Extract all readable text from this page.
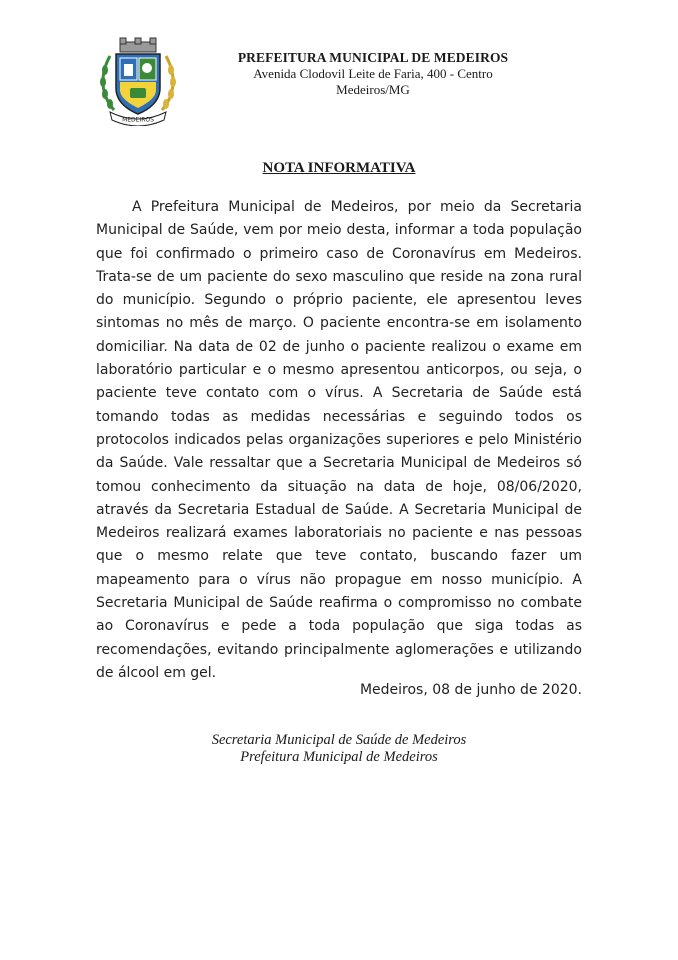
MEDEIROS
PREFEITURA MUNICIPAL DE MEDEIROS
Avenida Clodovil Leite de Faria, 400 - Centro
Medeiros/MG
NOTA INFORMATIVA

A Prefeitura Municipal de Medeiros, por meio da Secretaria Municipal de Saúde, vem por meio desta, informar a toda população que foi confirmado o primeiro caso de Coronavírus em Medeiros. Trata-se de um paciente do sexo masculino que reside na zona rural do município. Segundo o próprio paciente, ele apresentou leves sintomas no mês de março. O paciente encontra-se em isolamento domiciliar. Na data de 02 de junho o paciente realizou o exame em laboratório particular e o mesmo apresentou anticorpos, ou seja, o paciente teve contato com o vírus. A Secretaria de Saúde está tomando todas as medidas necessárias e seguindo todos os protocolos indicados pelas organizações superiores e pelo Ministério da Saúde. Vale ressaltar que a Secretaria Municipal de Medeiros só tomou conhecimento da situação na data de hoje, 08/06/2020, através da Secretaria Estadual de Saúde. A Secretaria Municipal de Medeiros realizará exames laboratoriais no paciente e nas pessoas que o mesmo relate que teve contato, buscando fazer um mapeamento para o vírus não propague em nosso município. A Secretaria Municipal de Saúde reafirma o compromisso no combate ao Coronavírus e pede a toda população que siga todas as recomendações, evitando principalmente aglomerações e utilizando de álcool em gel.

Medeiros, 08 de junho de 2020.
Secretaria Municipal de Saúde de Medeiros
Prefeitura Municipal de Medeiros
